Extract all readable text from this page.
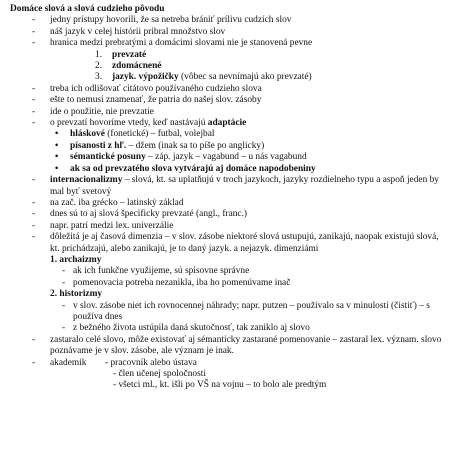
Domáce slová a slová cudzieho pôvodu
- jedny prístupy hovorili, že sa netreba brániť prílivu cudzích slov
- náš jazyk v celej histórii pribral množstvo slov
- hranica medzi prebratými a domácimi slovami nie je stanovená pevne
1. prevzaté
2. zdomácnené
3. jazyk. výpožičky (vôbec sa nevnímajú ako prevzaté)
- treba ich odlišovať citátovo používaného cudzieho slova
- ešte to nemusí znamenať, že patria do našej slov. zásoby
- ide o použitie, nie prevzatie
- o prevzatí hovoríme vtedy, keď nastávajú adaptácie
• hláskové (fonetické) – futbal, volejbal
• písanosti z hľ. – džem (inak sa to píše po anglicky)
• sémantické posuny – záp. jazyk – vagabund – u nás vagabund
• ak sa od prevzatého slova vytvárajú aj domáce napodobeniny
- internacionalizmy – slová, kt. sa uplatňujú v troch jazykoch, jazyky rozdielneho typu a aspoň jeden by mal byť svetový
- na zač. iba grécko – latinský základ
- dnes sú to aj slová špecificky prevzaté (angl., franc.)
- napr. patrí medzi lex. univerzálie
- dôležitá je aj časová dimenzia – v slov. zásobe niektoré slová ustupujú, zanikajú, naopak existujú slová, kt. prichádzajú, alebo zanikajú, je to daný jazyk. a nejazyk. dimenziámi
1. archaizmy
- ak ich funkčne využijeme, sú spisovne správne
- pomenovacia potreba nezanikla, iba ho pomenúvame inač
2. historizmy
- v slov. zásobe niet ich rovnocennej náhrady; napr. putzen – používalo sa v minulosti (čistiť) – s používa dnes
- z bežného života ustúpila daná skutočnosť, tak zaniklo aj slovo
- zastaralo celé slovo, môže existovať aj sémanticky zastarané pomenovanie – zastaral lex. význam. slovo poznávame je v slov. zásobe, ale význam je inak.
- akademik - pracovník alebo ústava
- člen učenej spoločnosti
- všetci ml., kt. išli po VŠ na vojnu – to bolo ale predtým
